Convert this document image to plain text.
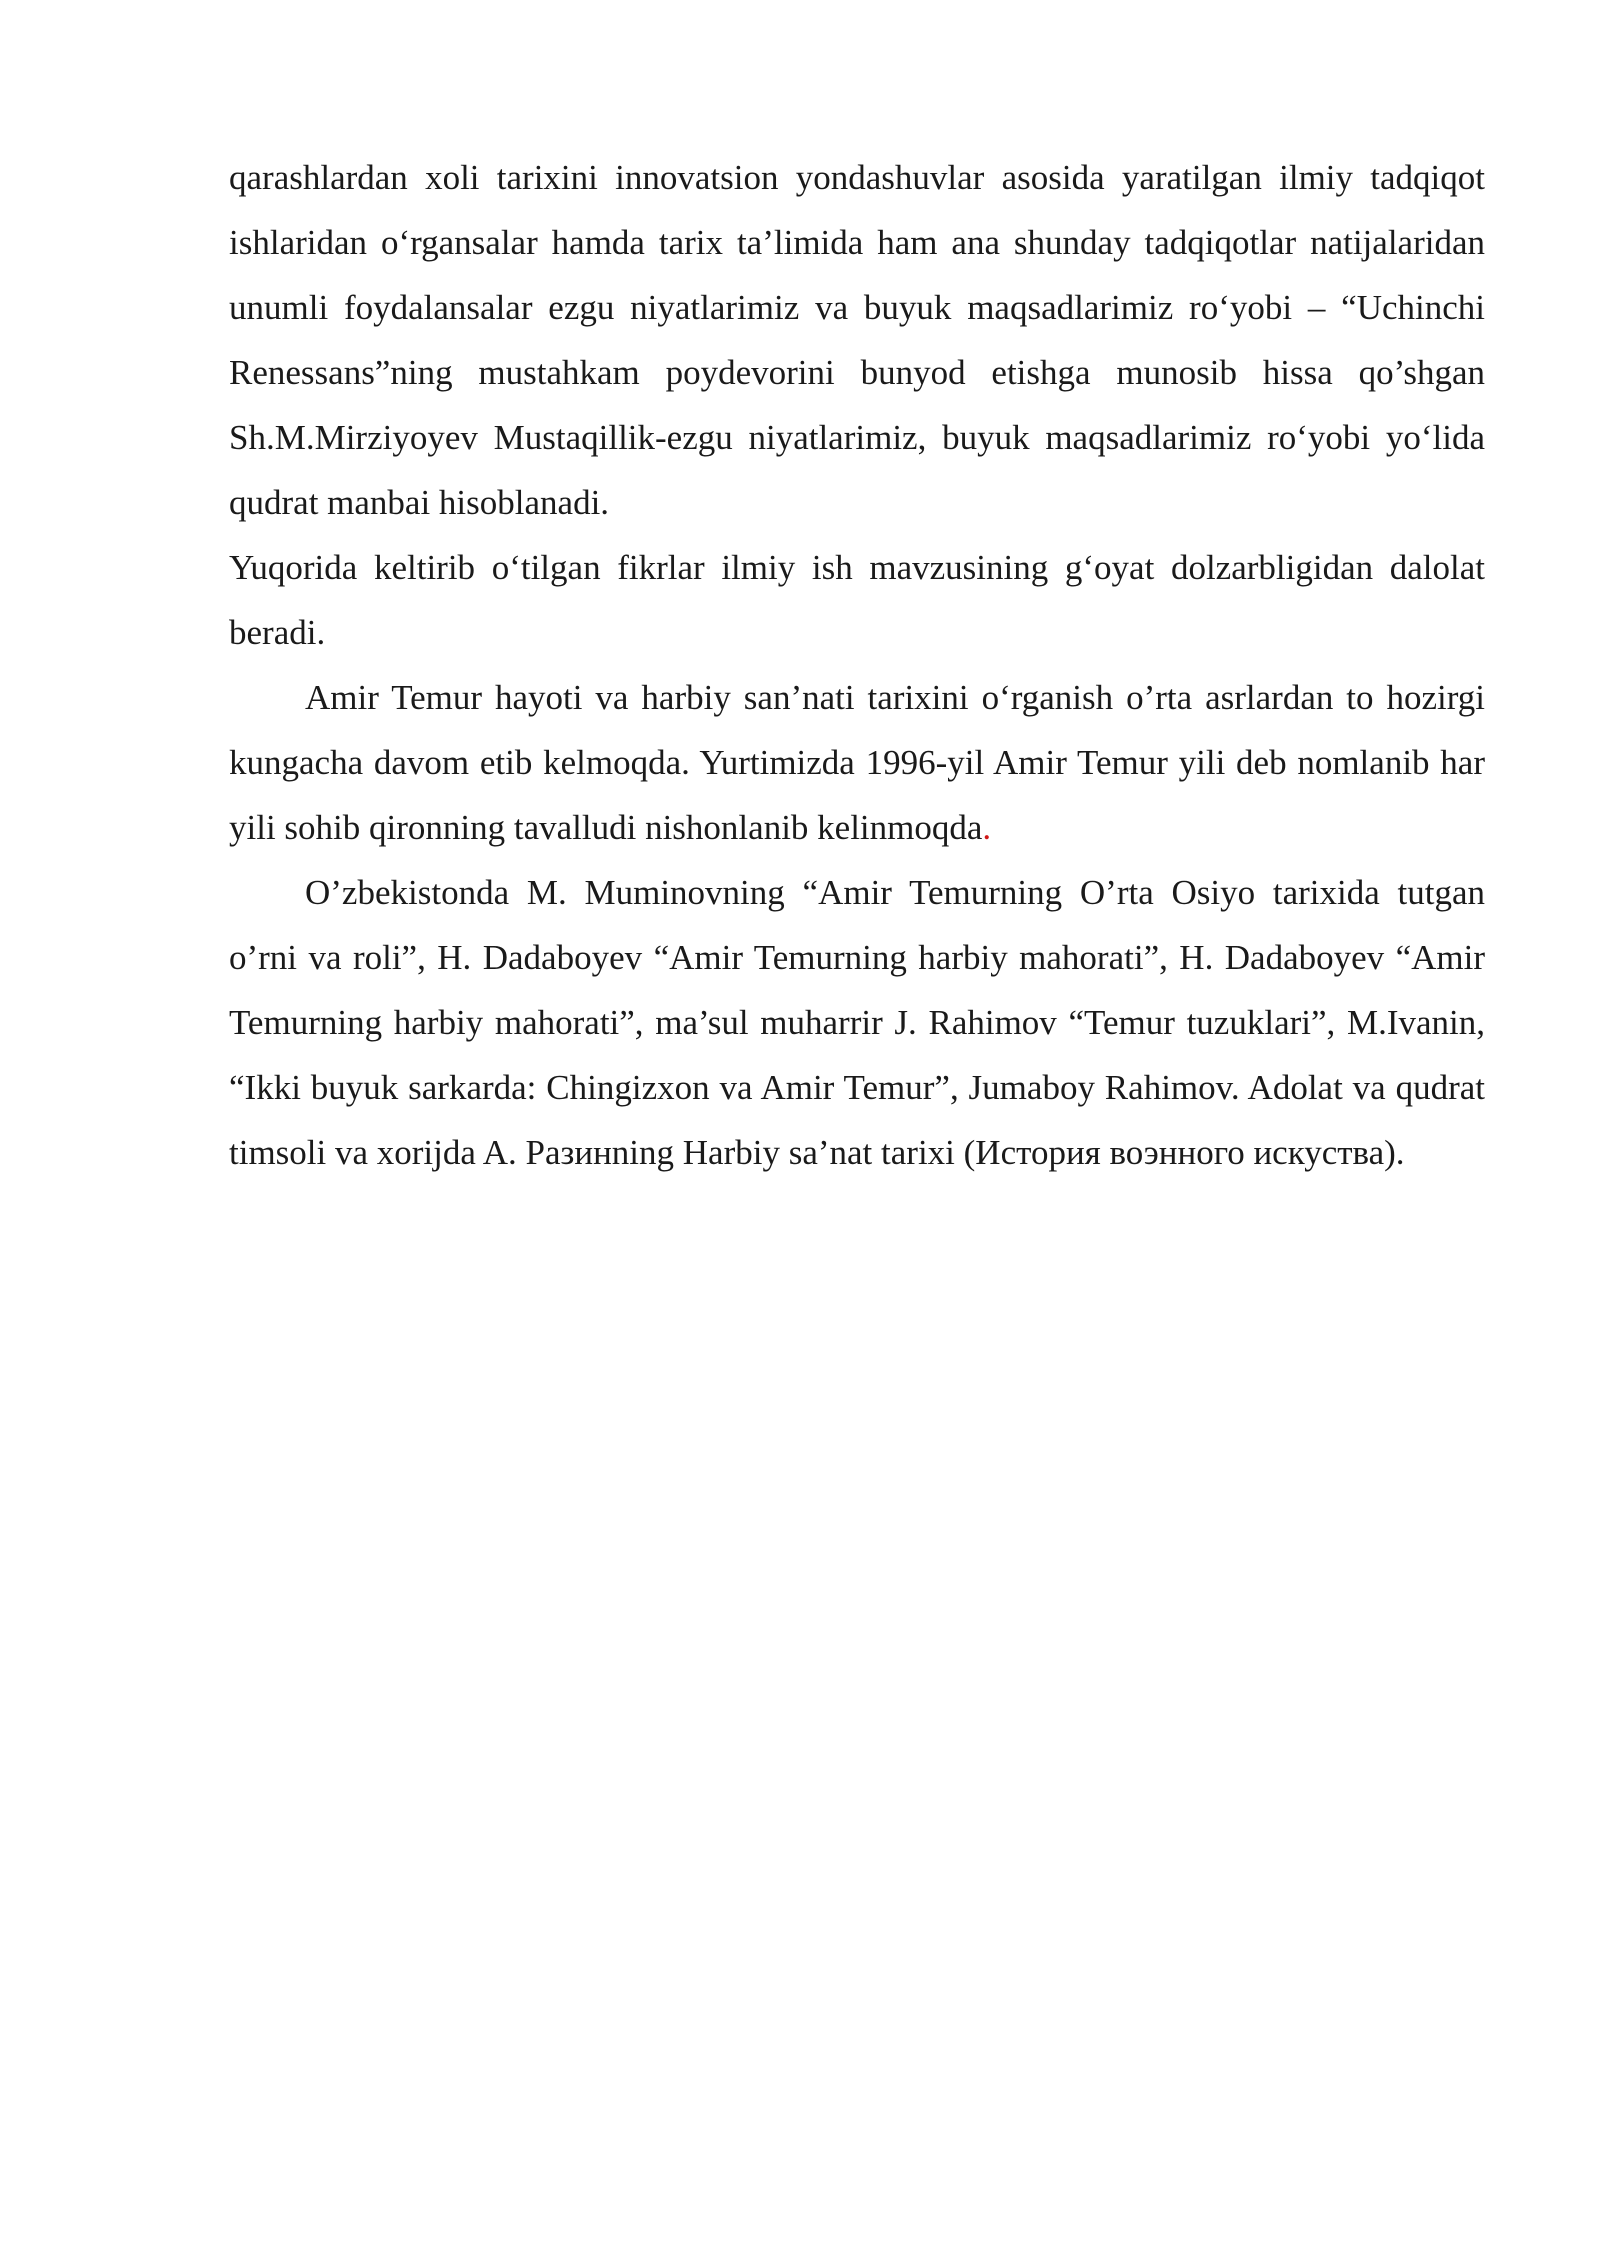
qarashlardan xoli tarixini innovatsion yondashuvlar asosida yaratilgan ilmiy tadqiqot ishlaridan o‘rgansalar hamda tarix ta’limida ham ana shunday tadqiqotlar natijalaridan unumli foydalansalar ezgu niyatlarimiz va buyuk maqsadlarimiz ro‘yobi – “Uchinchi Renessans”ning mustahkam poydevorini bunyod etishga munosib hissa qo’shgan Sh.M.Mirziyoyev Mustaqillik-ezgu niyatlarimiz, buyuk maqsadlarimiz ro‘yobi yo‘lida qudrat manbai hisoblanadi.

Yuqorida keltirib o‘tilgan fikrlar ilmiy ish mavzusining g‘oyat dolzarbligidan dalolat beradi.

Amir Temur hayoti va harbiy san’nati tarixini o‘rganish o’rta asrlardan to hozirgi kungacha davom etib kelmoqda. Yurtimizda 1996-yil Amir Temur yili deb nomlanib har yili sohib qironning tavalludi nishonlanib kelinmoqda.

O’zbekistonda M. Muminovning “Amir Temurning O’rta Osiyo tarixida tutgan o’rni va roli”, H. Dadaboyev “Amir Temurning harbiy mahorati”, H. Dadaboyev “Amir Temurning harbiy mahorati”, ma’sul muharrir J. Rahimov “Temur tuzuklari”, M.Ivanin, “Ikki buyuk sarkarda: Chingizxon va Amir Temur”, Jumaboy Rahimov. Adolat va qudrat timsoli va xorijda A. Разинning Harbiy sa’nat tarixi (История воэнного искуства).
